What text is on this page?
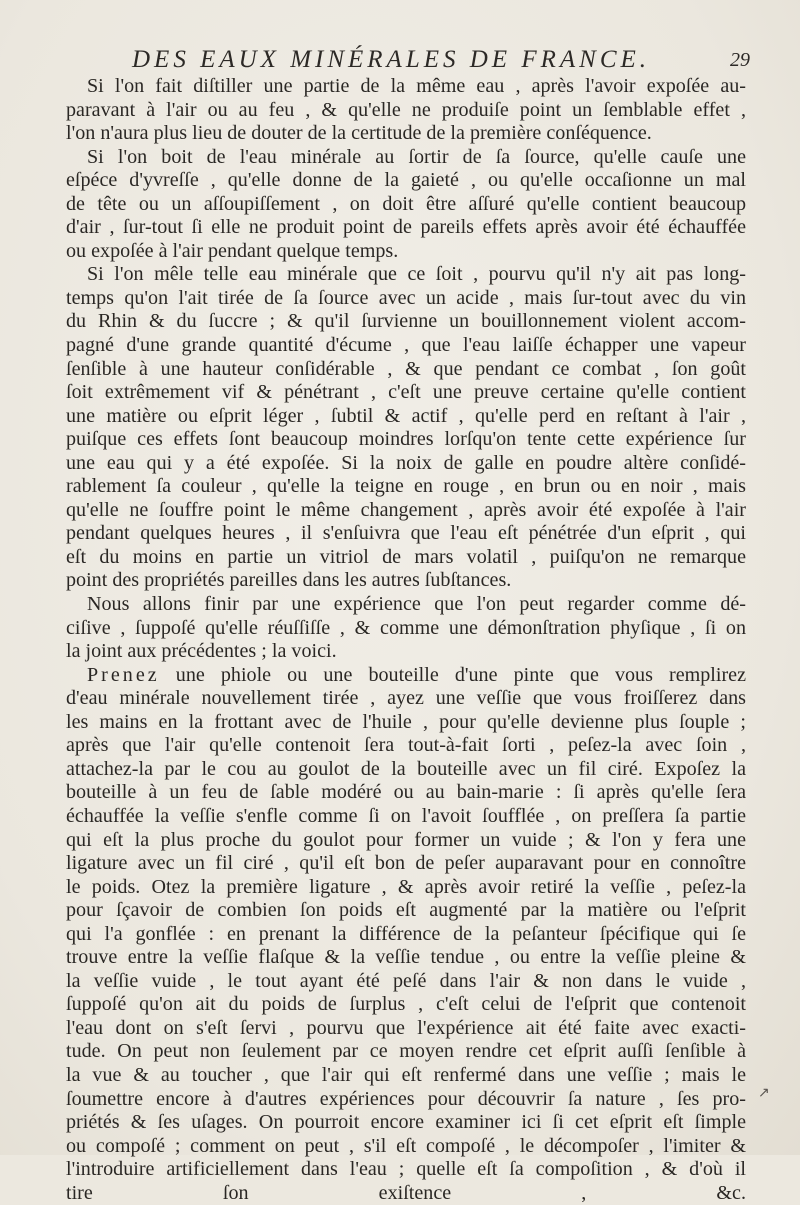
DES EAUX MINÉRALES DE FRANCE.	29
Si l'on fait diſtiller une partie de la même eau , après l'avoir expoſée au-
paravant à l'air ou au feu , & qu'elle ne produiſe point un ſemblable effet ,
l'on n'aura plus lieu de douter de la certitude de la première conſéquence.
Si l'on boit de l'eau minérale au ſortir de ſa ſource, qu'elle cauſe une
eſpéce d'yvreſſe , qu'elle donne de la gaieté , ou qu'elle occaſionne un mal
de tête ou un aſſoupiſſement , on doit être aſſuré qu'elle contient beaucoup
d'air , ſur-tout ſi elle ne produit point de pareils effets après avoir été échauffée
ou expoſée à l'air pendant quelque temps.
Si l'on mêle telle eau minérale que ce ſoit , pourvu qu'il n'y ait pas long-
temps qu'on l'ait tirée de ſa ſource avec un acide , mais ſur-tout avec du vin
du Rhin & du ſuccre ; & qu'il ſurvienne un bouillonnement violent accom-
pagné d'une grande quantité d'écume , que l'eau laiſſe échapper une vapeur
ſenſible à une hauteur conſidérable , & que pendant ce combat , ſon goût
ſoit extrêmement vif & pénétrant , c'eſt une preuve certaine qu'elle contient
une matière ou eſprit léger , ſubtil & actif , qu'elle perd en reſtant à l'air ,
puiſque ces effets ſont beaucoup moindres lorſqu'on tente cette expérience ſur
une eau qui y a été expoſée. Si la noix de galle en poudre altère conſidé-
rablement ſa couleur , qu'elle la teigne en rouge , en brun ou en noir , mais
qu'elle ne ſouffre point le même changement , après avoir été expoſée à l'air
pendant quelques heures , il s'enſuivra que l'eau eſt pénétrée d'un eſprit , qui
eſt du moins en partie un vitriol de mars volatil , puiſqu'on ne remarque
point des propriétés pareilles dans les autres ſubſtances.
Nous allons finir par une expérience que l'on peut regarder comme dé-
ciſive , ſuppoſé qu'elle réuſſiſſe , & comme une démonſtration phyſique , ſi on
la joint aux précédentes ; la voici.
Prenez une phiole ou une bouteille d'une pinte que vous remplirez
d'eau minérale nouvellement tirée , ayez une veſſie que vous froiſſerez dans
les mains en la frottant avec de l'huile , pour qu'elle devienne plus ſouple ;
après que l'air qu'elle contenoit ſera tout-à-fait ſorti , peſez-la avec ſoin ,
attachez-la par le cou au goulot de la bouteille avec un fil ciré. Expoſez la
bouteille à un feu de ſable modéré ou au bain-marie : ſi après qu'elle ſera
échauffée la veſſie s'enfle comme ſi on l'avoit ſoufflée , on preſſera ſa partie
qui eſt la plus proche du goulot pour former un vuide ; & l'on y fera une
ligature avec un fil ciré , qu'il eſt bon de peſer auparavant pour en connoître
le poids. Otez la première ligature , & après avoir retiré la veſſie , peſez-la
pour ſçavoir de combien ſon poids eſt augmenté par la matière ou l'eſprit
qui l'a gonflée : en prenant la différence de la peſanteur ſpécifique qui ſe
trouve entre la veſſie flaſque & la veſſie tendue , ou entre la veſſie pleine &
la veſſie vuide , le tout ayant été peſé dans l'air & non dans le vuide ,
ſuppoſé qu'on ait du poids de ſurplus , c'eſt celui de l'eſprit que contenoit
l'eau dont on s'eſt ſervi , pourvu que l'expérience ait été faite avec exacti-
tude. On peut non ſeulement par ce moyen rendre cet eſprit auſſi ſenſible à
la vue & au toucher , que l'air qui eſt renfermé dans une veſſie ; mais le
ſoumettre encore à d'autres expériences pour découvrir ſa nature , ſes pro-
priétés & ſes uſages. On pourroit encore examiner ici ſi cet eſprit eſt ſimple
ou compoſé ; comment on peut , s'il eſt compoſé , le décompoſer , l'imiter &
l'introduire artificiellement dans l'eau ; quelle eſt ſa compoſition , & d'où il
tire ſon exiſtence , &c.
↗
